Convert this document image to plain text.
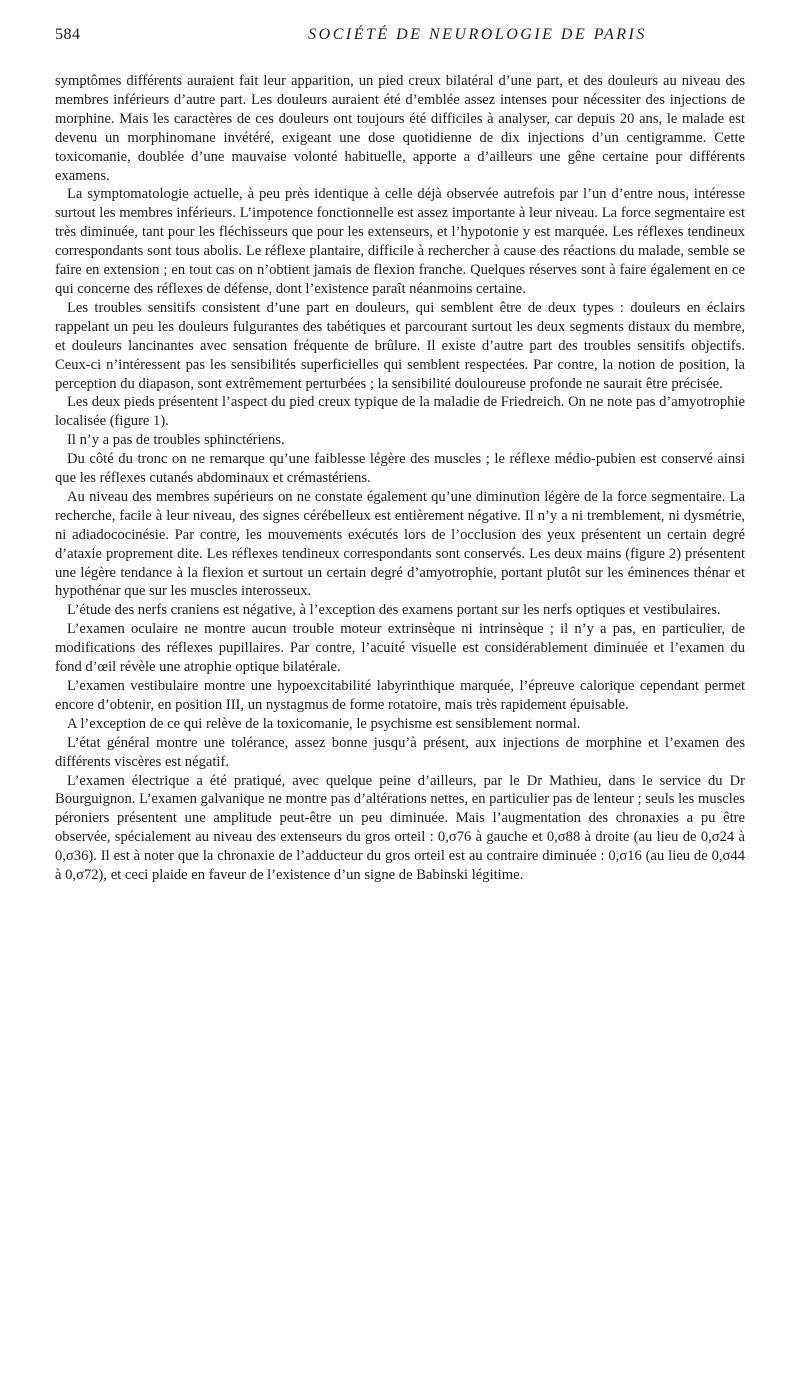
584	SOCIÉTÉ DE NEUROLOGIE DE PARIS

symptômes différents auraient fait leur apparition, un pied creux bilatéral d’une part, et des douleurs au niveau des membres inférieurs d’autre part. Les douleurs auraient été d’emblée assez intenses pour nécessiter des injections de morphine. Mais les caractères de ces douleurs ont toujours été difficiles à analyser, car depuis 20 ans, le malade est devenu un morphinomane invétéré, exigeant une dose quotidienne de dix injections d’un centigramme. Cette toxicomanie, doublée d’une mauvaise volonté habituelle, apporte a d’ailleurs une gêne certaine pour différents examens.

La symptomatologie actuelle, à peu près identique à celle déjà observée autrefois par l’un d’entre nous, intéresse surtout les membres inférieurs. L’impotence fonctionnelle est assez importante à leur niveau. La force segmentaire est très diminuée, tant pour les fléchisseurs que pour les extenseurs, et l’hypotonie y est marquée. Les réflexes tendineux correspondants sont tous abolis. Le réflexe plantaire, difficile à rechercher à cause des réactions du malade, semble se faire en extension ; en tout cas on n’obtient jamais de flexion franche. Quelques réserves sont à faire également en ce qui concerne des réflexes de défense, dont l’existence paraît néanmoins certaine.

Les troubles sensitifs consistent d’une part en douleurs, qui semblent être de deux types : douleurs en éclairs rappelant un peu les douleurs fulgurantes des tabétiques et parcourant surtout les deux segments distaux du membre, et douleurs lancinantes avec sensation fréquente de brûlure. Il existe d’autre part des troubles sensitifs objectifs. Ceux-ci n’intéressent pas les sensibilités superficielles qui semblent respectées. Par contre, la notion de position, la perception du diapason, sont extrêmement perturbées ; la sensibilité douloureuse profonde ne saurait être précisée.

Les deux pieds présentent l’aspect du pied creux typique de la maladie de Friedreich. On ne note pas d’amyotrophie localisée (figure 1).

Il n’y a pas de troubles sphinctériens.

Du côté du tronc on ne remarque qu’une faiblesse légère des muscles ; le réflexe médio-pubien est conservé ainsi que les réflexes cutanés abdominaux et crémastériens.

Au niveau des membres supérieurs on ne constate également qu’une diminution légère de la force segmentaire. La recherche, facile à leur niveau, des signes cérébelleux est entièrement négative. Il n’y a ni tremblement, ni dysmétrie, ni adiadococinésie. Par contre, les mouvements exécutés lors de l’occlusion des yeux présentent un certain degré d’ataxie proprement dite. Les réflexes tendineux correspondants sont conservés. Les deux mains (figure 2) présentent une légère tendance à la flexion et surtout un certain degré d’amyotrophie, portant plutôt sur les éminences thénar et hypothénar que sur les muscles interosseux.

L’étude des nerfs craniens est négative, à l’exception des examens portant sur les nerfs optiques et vestibulaires.

L’examen oculaire ne montre aucun trouble moteur extrinsèque ni intrinsèque ; il n’y a pas, en particulier, de modifications des réflexes pupillaires. Par contre, l’acuité visuelle est considérablement diminuée et l’examen du fond d’œil révèle une atrophie optique bilatérale.

L’examen vestibulaire montre une hypoexcitabilité labyrinthique marquée, l’épreuve calorique cependant permet encore d’obtenir, en position III, un nystagmus de forme rotatoire, mais très rapidement épuisable.

A l’exception de ce qui relève de la toxicomanie, le psychisme est sensiblement normal.

L’état général montre une tolérance, assez bonne jusqu’à présent, aux injections de morphine et l’examen des différents viscères est négatif.

L’examen électrique a été pratiqué, avec quelque peine d’ailleurs, par le Dr Mathieu, dans le service du Dr Bourguignon. L’examen galvanique ne montre pas d’altérations nettes, en particulier pas de lenteur ; seuls les muscles péroniers présentent une amplitude peut-être un peu diminuée. Mais l’augmentation des chronaxies a pu être observée, spécialement au niveau des extenseurs du gros orteil : 0,σ76 à gauche et 0,σ88 à droite (au lieu de 0,σ24 à 0,σ36). Il est à noter que la chronaxie de l’adducteur du gros orteil est au contraire diminuée : 0,σ16 (au lieu de 0,σ44 à 0,σ72), et ceci plaide en faveur de l’existence d’un signe de Babinski légitime.
